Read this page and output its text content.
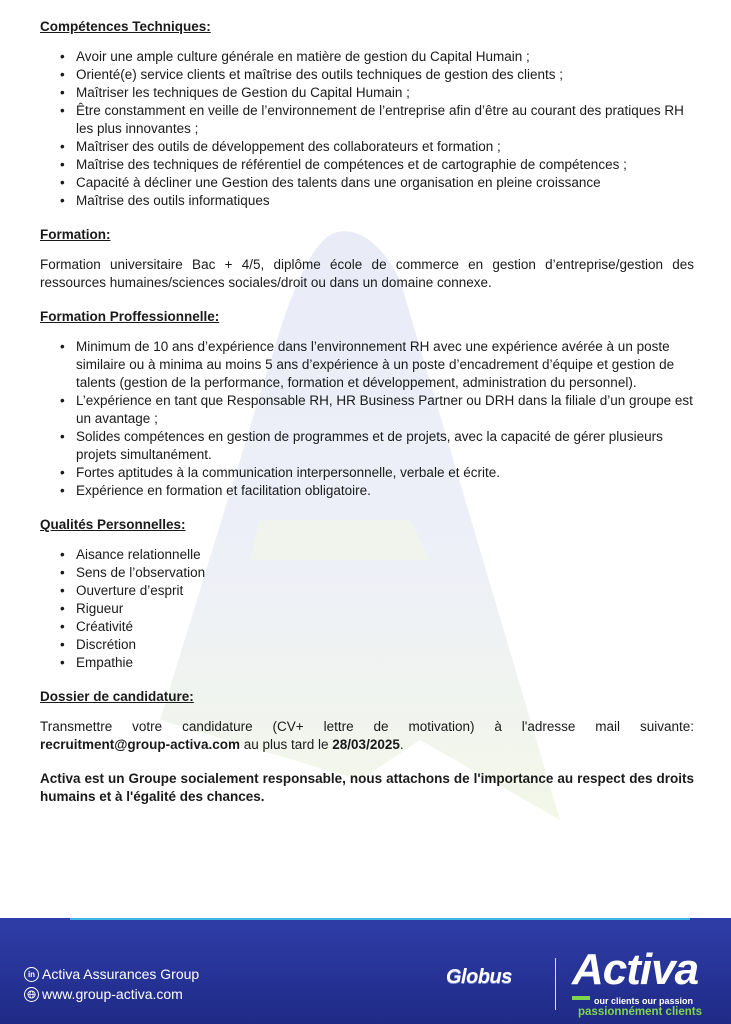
Compétences Techniques:
• Avoir une ample culture générale en matière de gestion du Capital Humain ;
• Orienté(e) service clients et maîtrise des outils techniques de gestion des clients ;
• Maîtriser les techniques de Gestion du Capital Humain ;
• Être constamment en veille de l’environnement de l’entreprise afin d’être au courant des pratiques RH les plus innovantes ;
• Maîtriser des outils de développement des collaborateurs et formation ;
• Maîtrise des techniques de référentiel de compétences et de cartographie de compétences ;
• Capacité à décliner une Gestion des talents dans une organisation en pleine croissance
• Maîtrise des outils informatiques
Formation:

Formation universitaire Bac + 4/5, diplôme école de commerce en gestion d’entreprise/gestion des ressources humaines/sciences sociales/droit ou dans un domaine connexe.

Formation Proffessionnelle:
• Minimum de 10 ans d’expérience dans l’environnement RH avec une expérience avérée à un poste similaire ou à minima au moins 5 ans d’expérience à un poste d’encadrement d’équipe et gestion de talents (gestion de la performance, formation et développement, administration du personnel).
• L’expérience en tant que Responsable RH, HR Business Partner ou DRH dans la filiale d’un groupe est un avantage ;
• Solides compétences en gestion de programmes et de projets, avec la capacité de gérer plusieurs projets simultanément.
• Fortes aptitudes à la communication interpersonnelle, verbale et écrite.
• Expérience en formation et facilitation obligatoire.
Qualités Personnelles:
• Aisance relationnelle
• Sens de l’observation
• Ouverture d’esprit
• Rigueur
• Créativité
• Discrétion
• Empathie
Dossier de candidature:

Transmettre votre candidature (CV+ lettre de motivation) à l'adresse mail suivante:
recruitment@group-activa.com au plus tard le 28/03/2025.

Activa est un Groupe socialement responsable, nous attachons de l'importance au respect des droits humains et à l'égalité des chances.

in Activa Assurances Group
www.group-activa.com
Globus Activa
our clients our passion
passionnément clients
